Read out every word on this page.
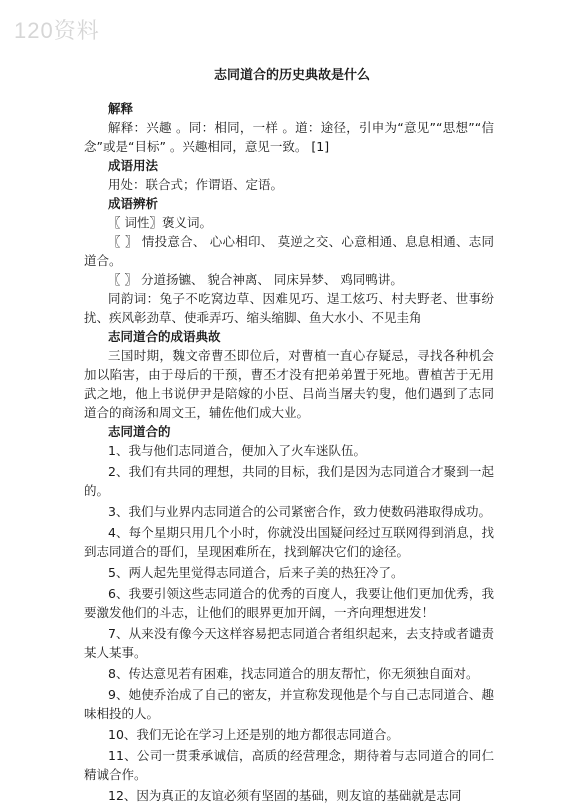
120资料
志同道合的历史典故是什么
解释
解释：兴趣 。同：相同，一样 。道：途径，引申为“意见”“思想”“信念”或是“目标” 。兴趣相同，意见一致。 [1]
成语用法
用处：联合式；作谓语、定语。
成语辨析
〖 词性〗褒义词。
〖 〗 情投意合、 心心相印、 莫逆之交、心意相通、息息相通、志同道合。
〖 〗 分道扬镳、 貌合神离、 同床异梦、 鸡同鸭讲。
同韵词：兔子不吃窝边草、因难见巧、逞工炫巧、村夫野老、世事纷扰、疾风彰劲草、使乖弄巧、缩头缩脚、鱼大水小、不见圭角
志同道合的成语典故
三国时期，魏文帝曹丕即位后，对曹植一直心存疑忌，寻找各种机会加以陷害，由于母后的干预，曹丕才没有把弟弟置于死地。曹植苦于无用武之地，他上书说伊尹是陪嫁的小臣、吕尚当屠夫钓叟，他们遇到了志同道合的商汤和周文王，辅佐他们成大业。
志同道合的
1、我与他们志同道合，便加入了火车迷队伍。
2、我们有共同的理想，共同的目标，我们是因为志同道合才聚到一起的。
3、我们与业界内志同道合的公司紧密合作，致力使数码港取得成功。
4、每个星期只用几个小时，你就没出国疑问经过互联网得到消息，找到志同道合的哥们，呈现困难所在，找到解决它们的途径。
5、两人起先里觉得志同道合，后来子美的热狂冷了。
6、我要引领这些志同道合的优秀的百度人，我要让他们更加优秀，我要激发他们的斗志，让他们的眼界更加开阔，一齐向理想进发！
7、从来没有像今天这样容易把志同道合者组织起来，去支持或者谴责某人某事。
8、传达意见若有困难，找志同道合的朋友帮忙，你无须独自面对。
9、她使乔治成了自己的密友，并宣称发现他是个与自己志同道合、趣味相投的人。
10、我们无论在学习上还是别的地方都很志同道合。
11、公司一贯秉承诚信，高质的经营理念，期待着与志同道合的同仁精诚合作。
12、因为真正的友谊必须有坚固的基础，则友谊的基础就是志同
